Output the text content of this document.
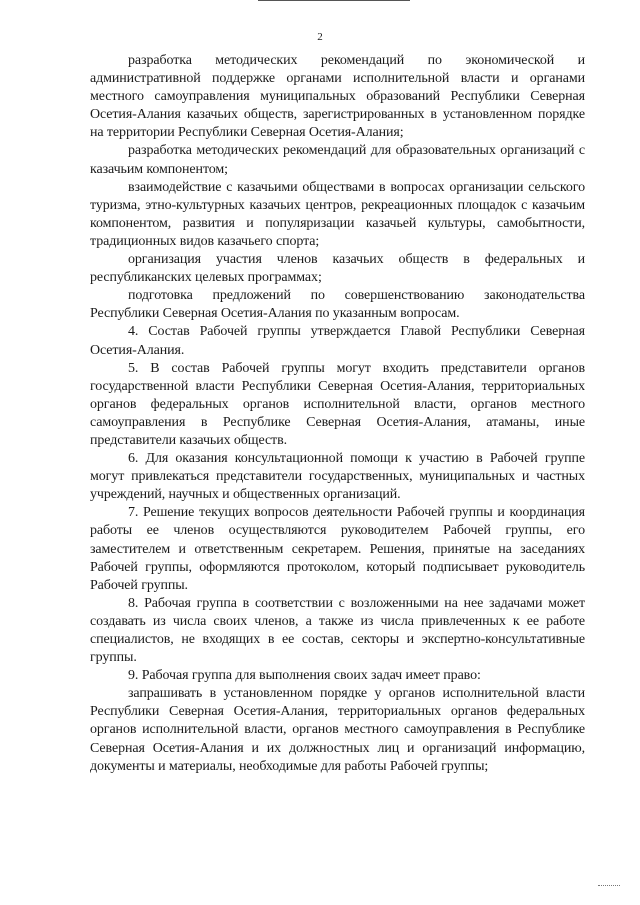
2

разработка методических рекомендаций по экономической и административной поддержке органами исполнительной власти и органами местного самоуправления муниципальных образований Республики Северная Осетия-Алания казачьих обществ, зарегистрированных в установленном порядке на территории Республики Северная Осетия-Алания;

разработка методических рекомендаций для образовательных организаций с казачьим компонентом;

взаимодействие с казачьими обществами в вопросах организации сельского туризма, этно-культурных казачьих центров, рекреационных площадок с казачьим компонентом, развития и популяризации казачьей культуры, самобытности, традиционных видов казачьего спорта;

организация участия членов казачьих обществ в федеральных и республиканских целевых программах;

подготовка предложений по совершенствованию законодательства Республики Северная Осетия-Алания по указанным вопросам.

4. Состав Рабочей группы утверждается Главой Республики Северная Осетия-Алания.

5. В состав Рабочей группы могут входить представители органов государственной власти Республики Северная Осетия-Алания, территориальных органов федеральных органов исполнительной власти, органов местного самоуправления в Республике Северная Осетия-Алания, атаманы, иные представители казачьих обществ.

6. Для оказания консультационной помощи к участию в Рабочей группе могут привлекаться представители государственных, муниципальных и частных учреждений, научных и общественных организаций.

7. Решение текущих вопросов деятельности Рабочей группы и координация работы ее членов осуществляются руководителем Рабочей группы, его заместителем и ответственным секретарем. Решения, принятые на заседаниях Рабочей группы, оформляются протоколом, который подписывает руководитель Рабочей группы.

8. Рабочая группа в соответствии с возложенными на нее задачами может создавать из числа своих членов, а также из числа привлеченных к ее работе специалистов, не входящих в ее состав, секторы и экспертно-консультативные группы.

9. Рабочая группа для выполнения своих задач имеет право:

запрашивать в установленном порядке у органов исполнительной власти Республики Северная Осетия-Алания, территориальных органов федеральных органов исполнительной власти, органов местного самоуправления в Республике Северная Осетия-Алания и их должностных лиц и организаций информацию, документы и материалы, необходимые для работы Рабочей группы;
